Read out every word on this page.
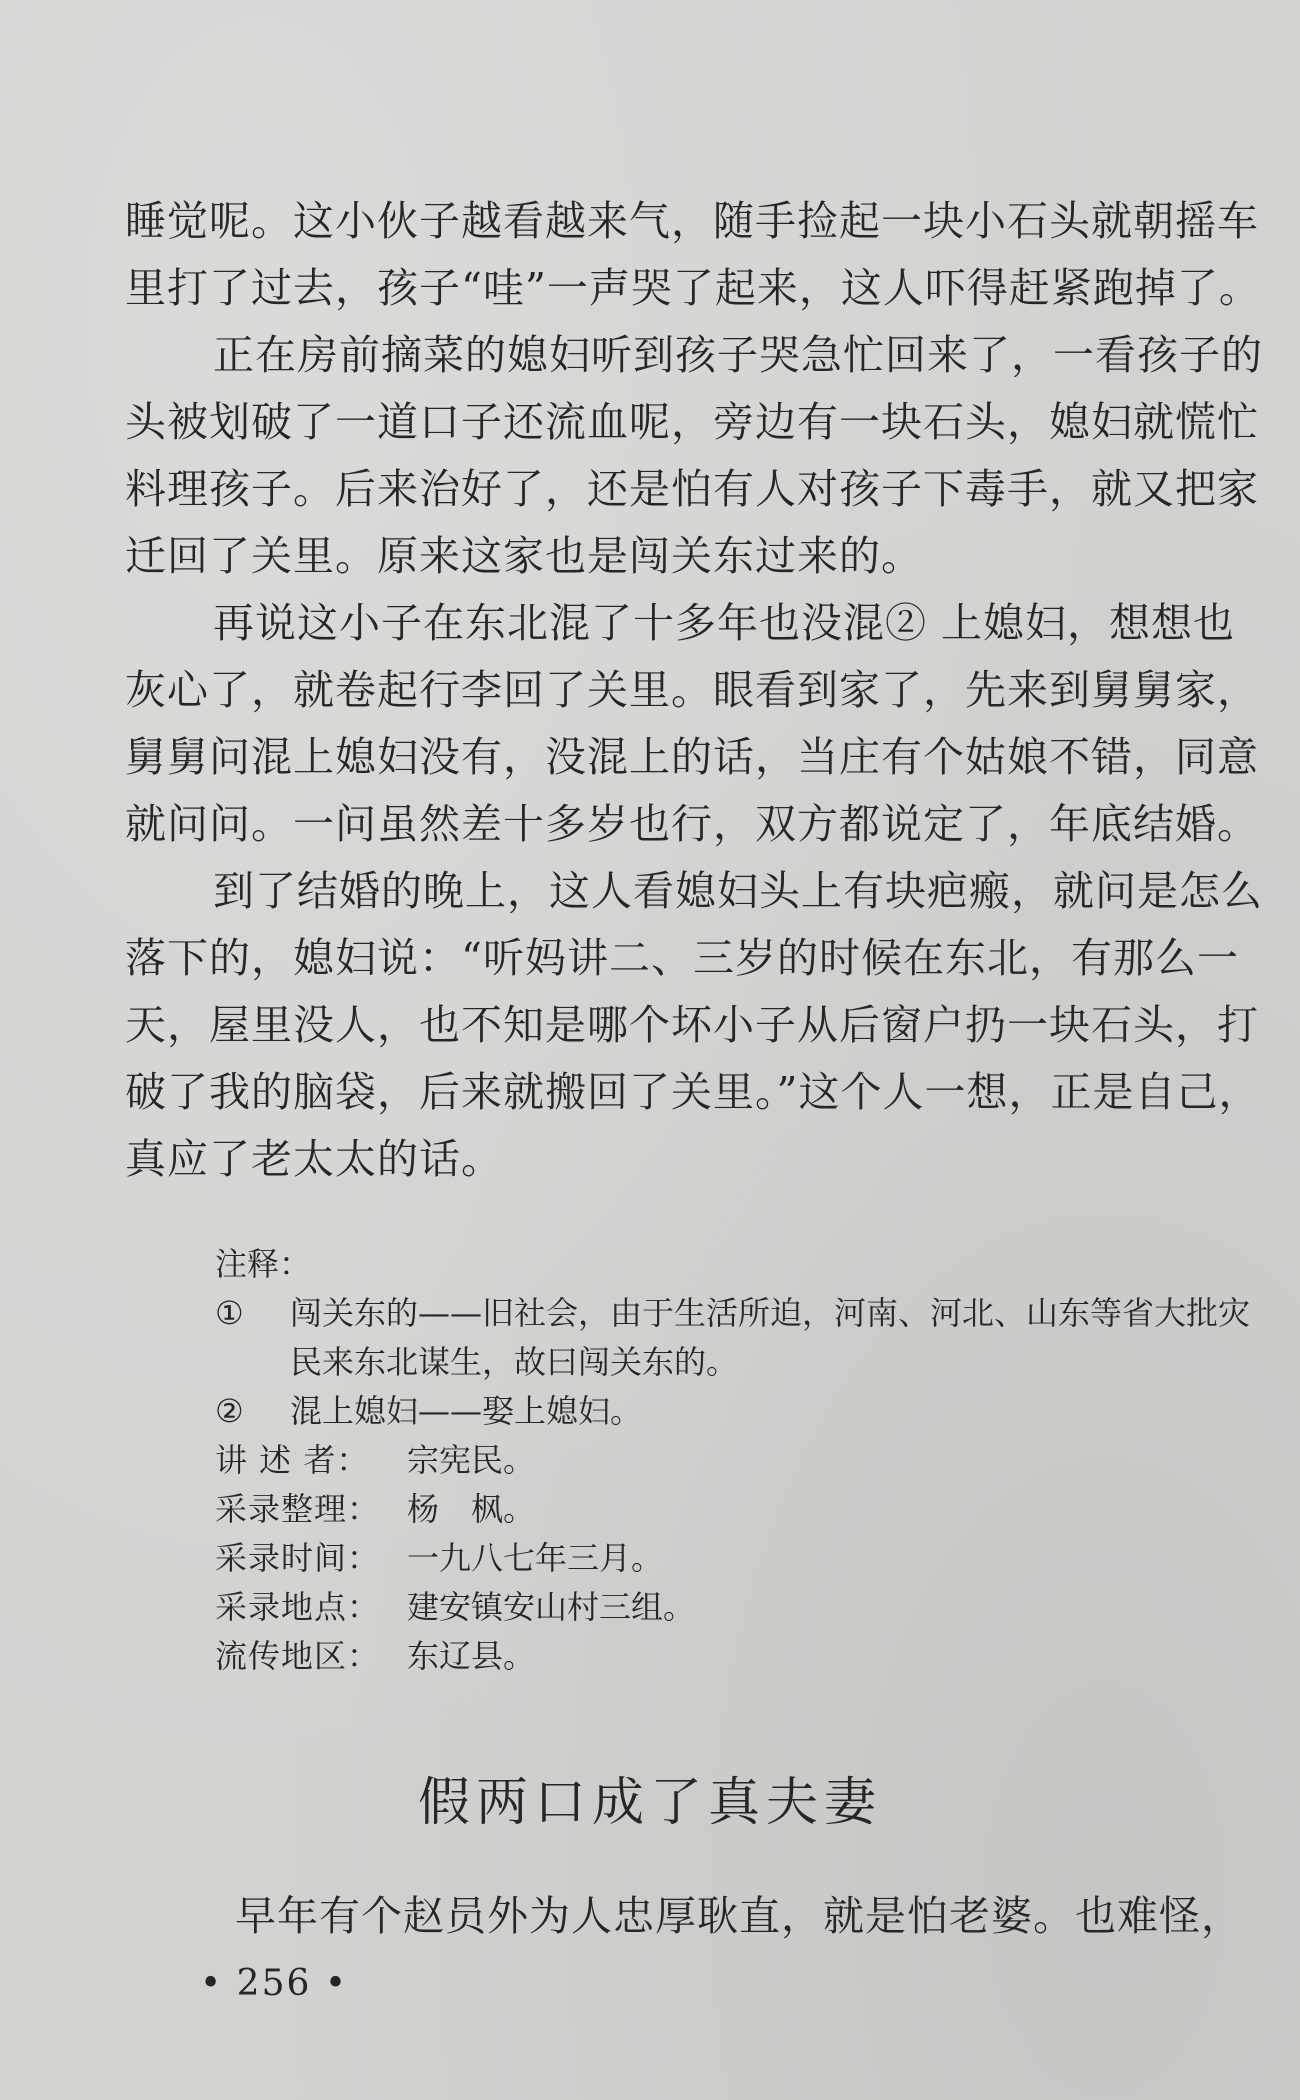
睡觉呢。这小伙子越看越来气，随手捡起一块小石头就朝摇车里打了过去，孩子“哇”一声哭了起来，这人吓得赶紧跑掉了。

正在房前摘菜的媳妇听到孩子哭急忙回来了，一看孩子的头被划破了一道口子还流血呢，旁边有一块石头，媳妇就慌忙料理孩子。后来治好了，还是怕有人对孩子下毒手，就又把家迁回了关里。原来这家也是闯关东过来的。

再说这小子在东北混了十多年也没混② 上媳妇，想想也灰心了，就卷起行李回了关里。眼看到家了，先来到舅舅家，舅舅问混上媳妇没有，没混上的话，当庄有个姑娘不错，同意就问问。一问虽然差十多岁也行，双方都说定了，年底结婚。

到了结婚的晚上，这人看媳妇头上有块疤瘢，就问是怎么落下的，媳妇说：“听妈讲二、三岁的时候在东北，有那么一天，屋里没人，也不知是哪个坏小子从后窗户扔一块石头，打破了我的脑袋，后来就搬回了关里。”这个人一想，正是自己，真应了老太太的话。

注释：

①	闯关东的——旧社会，由于生活所迫，河南、河北、山东等省大批灾民来东北谋生，故曰闯关东的。
②	混上媳妇——娶上媳妇。
讲 述 者：	宗宪民。
采录整理： 杨　枫。
采录时间： 一九八七年三月。
采录地点： 建安镇安山村三组。
流传地区： 东辽县。
假两口成了真夫妻

早年有个赵员外为人忠厚耿直，就是怕老婆。也难怪，

• 256 •
